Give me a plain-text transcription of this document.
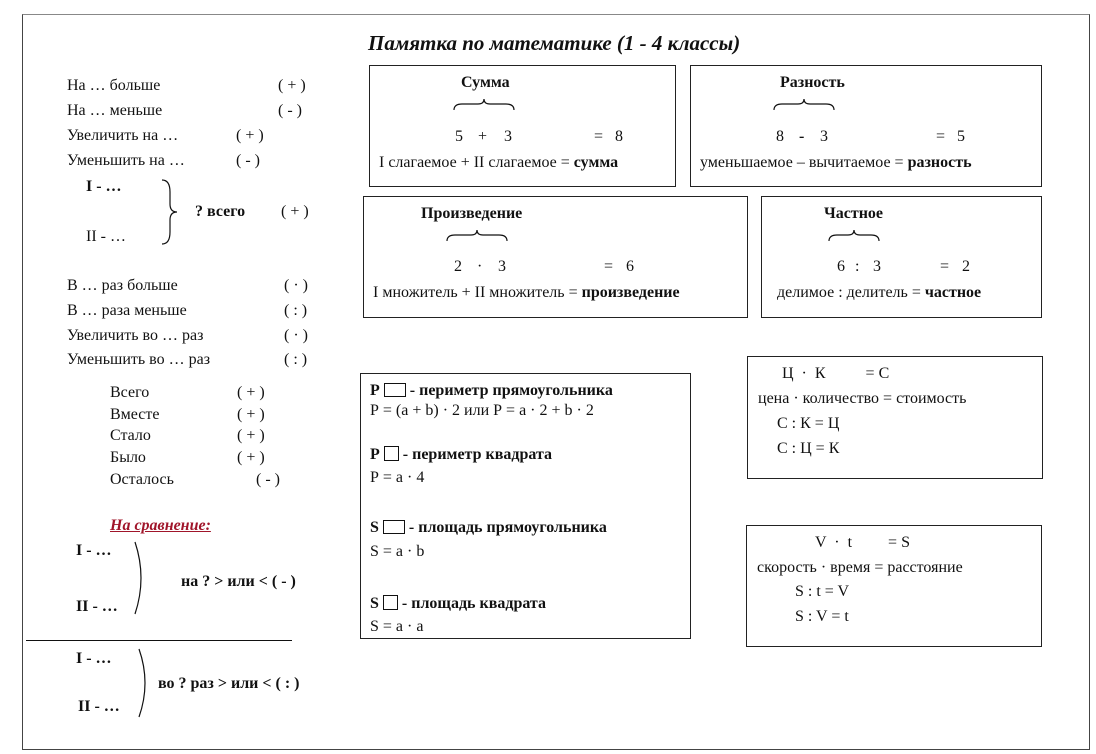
Памятка по математике (1 - 4 классы)
На … больше	( + )
На … меньше	( - )
Увеличить на …	( + )
Уменьшить на …	( - )
I - …
II - …
? всего ( + )
В … раз больше	( · )
В … раза меньше	( : )
Увеличить во … раз	( · )
Уменьшить во … раз	( : )
Всего	( + )
Вместе	( + )
Стало	( + )
Было	( + )
Осталось	( - )
На сравнение:
I - …
II - …
на ? > или < ( - )
I - …
II - …
во ? раз > или < ( : )
Сумма
5 + 3	= 8
I слагаемое + II слагаемое = сумма
Разность
8 - 3	= 5
уменьшаемое – вычитаемое = разность
Произведение
2 · 3	= 6
I множитель + II множитель = произведение
Частное
6 : 3	= 2
делимое : делитель = частное
Р - периметр прямоугольника
Р = (a + b) · 2 или Р = a · 2 + b · 2
Р - периметр квадрата
Р = a · 4
S - площадь прямоугольника
S = a · b
S - площадь квадрата
S = a · a
Ц  ·  К          = С
цена · количество = стоимость
С : К = Ц
С : Ц = К
V  ·  t         = S
скорость · время = расстояние
S : t = V
S : V = t
